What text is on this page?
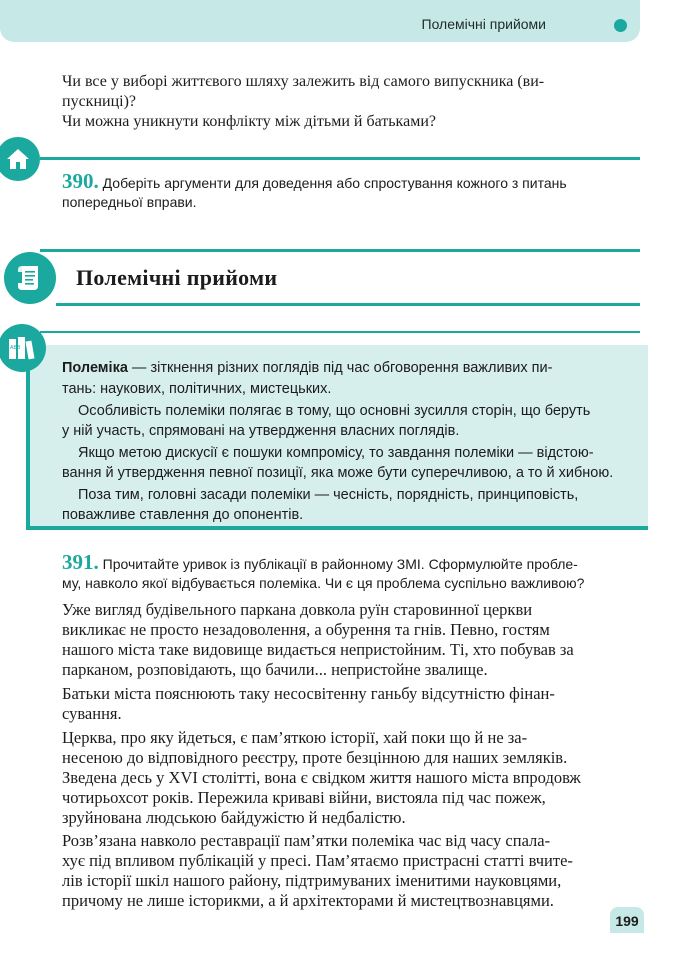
Полемічні прийоми
Чи все у виборі життєвого шляху залежить від самого випускника (ви-
пускниці)?
Чи можна уникнути конфлікту між дітьми й батьками?
390. Доберіть аргументи для доведення або спростування кожного з питань
попередньої вправи.
Полемічні прийоми
АБВ
Полеміка — зіткнення різних поглядів під час обговорення важливих пи-
тань: наукових, політичних, мистецьких.
Особливість полеміки полягає в тому, що основні зусилля сторін, що беруть
у ній участь, спрямовані на утвердження власних поглядів.
Якщо метою дискусії є пошуки компромісу, то завдання полеміки — відстою-
вання й утвердження певної позиції, яка може бути суперечливою, а то й хибною.
Поза тим, головні засади полеміки — чесність, порядність, принциповість,
поважливе ставлення до опонентів.
391. Прочитайте уривок із публікації в районному ЗМІ. Сформулюйте пробле-
му, навколо якої відбувається полеміка. Чи є ця проблема суспільно важливою?
Уже вигляд будівельного паркана довкола руїн старовинної церкви
викликає не просто незадоволення, а обурення та гнів. Певно, гостям
нашого міста таке видовище видається непристойним. Ті, хто побував за
парканом, розповідають, що бачили... непристойне звалище.
Батьки міста пояснюють таку несосвітенну ганьбу відсутністю фінан-
сування.
Церква, про яку йдеться, є пам’яткою історії, хай поки що й не за-
несеною до відповідного реєстру, проте безцінною для наших земляків.
Зведена десь у XVI столітті, вона є свідком життя нашого міста впродовж
чотирьохсот років. Пережила криваві війни, вистояла під час пожеж,
зруйнована людською байдужістю й недбалістю.
Розв’язана навколо реставрації пам’ятки полеміка час від часу спала-
хує під впливом публікацій у пресі. Пам’ятаємо пристрасні статті вчите-
лів історії шкіл нашого району, підтримуваних іменитими науковцями,
причому не лише історикми, а й архітекторами й мистецтвознавцями.
199
